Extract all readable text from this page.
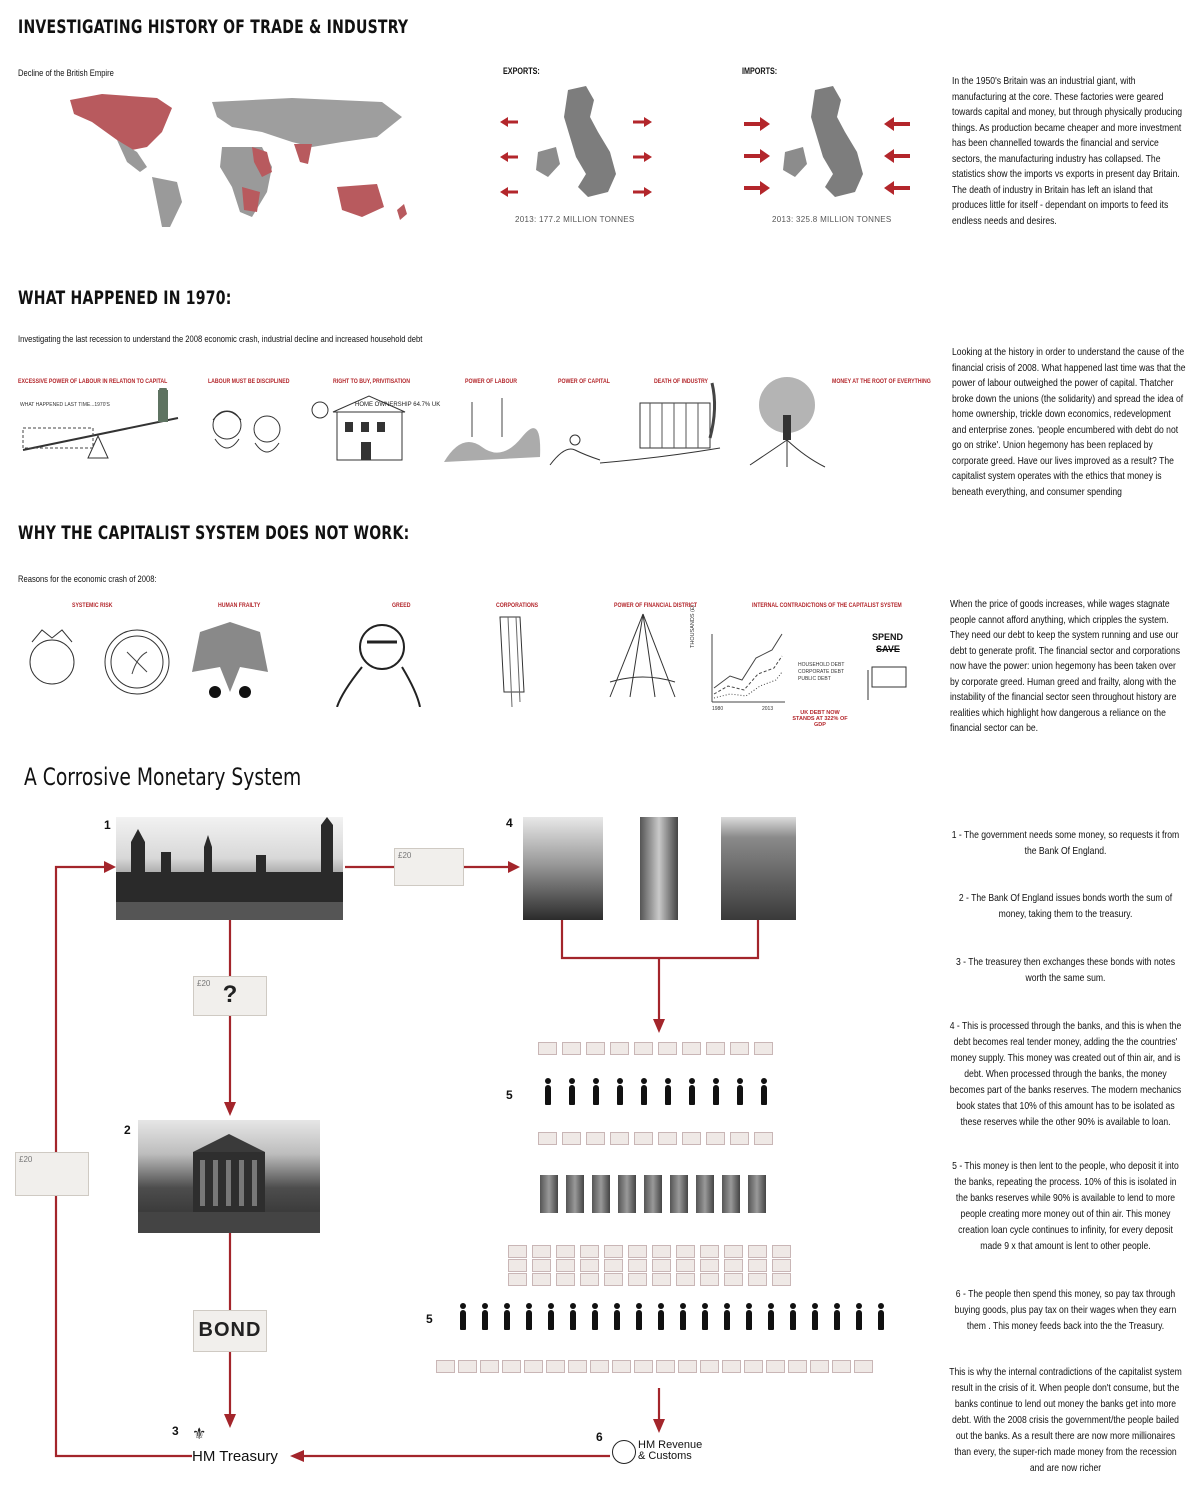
INVESTIGATING HISTORY OF TRADE & INDUSTRY
Decline of the British Empire	EXPORTS:	IMPORTS:
2013: 177.2 MILLION TONNES	2013: 325.8 MILLION TONNES
In the 1950's Britain was an industrial giant, with manufacturing at the core. These factories were geared towards capital and money, but through physically producing things. As production became cheaper and more investment has been channelled towards the financial and service sectors, the manufacturing industry has collapsed. The statistics show the imports vs exports in present day Britain. The death of industry in Britain has left an island that produces little for itself - dependant on imports to feed its endless needs and desires.
WHAT HAPPENED IN 1970:
Investigating the last recession to understand the 2008 economic crash, industrial decline and increased household debt
EXCESSIVE POWER OF LABOUR IN RELATION TO CAPITAL	LABOUR MUST BE DISCIPLINED	RIGHT TO BUY, PRIVITISATION	POWER OF LABOUR	POWER OF CAPITAL	DEATH OF INDUSTRY	MONEY AT THE ROOT OF EVERYTHING
WHAT HAPPENED LAST TIME...1970'S	HOME OWNERSHIP 64.7% UK
Looking at the history in order to understand the cause of the financial crisis of 2008. What happened last time was that the power of labour outweighed the power of capital. Thatcher broke down the unions (the solidarity) and spread the idea of home ownership, trickle down economics, redevelopment and enterprise zones. 'people encumbered with debt do not go on strike'. Union hegemony has been replaced by corporate greed. Have our lives improved as a result? The capitalist system operates with the ethics that money is beneath everything, and consumer spending
WHY THE CAPITALIST SYSTEM DOES NOT WORK:
Reasons for the economic crash of 2008:
SYSTEMIC RISK	HUMAN FRAILTY	GREED	CORPORATIONS	POWER OF FINANCIAL DISTRICT	INTERNAL CONTRADICTIONS OF THE CAPITALIST SYSTEM
THOUSANDS (£)
1980	2013
HOUSEHOLD DEBT
CORPORATE DEBT
PUBLIC DEBT
UK DEBT NOW STANDS AT 322% OF GDP
SPEND
SAVE
When the price of goods increases, while wages stagnate people cannot afford anything, which cripples the system. They need our debt to keep the system running and use our debt to generate profit. The financial sector and corporations now have the power: union hegemony has been taken over by corporate greed. Human greed and frailty, along with the instability of the financial sector seen throughout history are realities which highlight how dangerous a reliance on the financial sector can be.
A Corrosive Monetary System
1
2
3
4
5
5
6
£20
£20 ?
£20
BOND
⚜
HM Treasury
HM Revenue
& Customs
1 - The government needs some money, so requests it from the Bank Of England.
2 - The Bank Of England issues bonds worth the sum of money, taking them to the treasury.
3 - The treasurey then exchanges these bonds with notes worth the same sum.
4 - This is processed through the banks, and this is when the debt becomes real tender money, adding the the countries' money supply. This money was created out of thin air, and is debt. When processed through the banks, the money becomes part of the banks reserves. The modern mechanics book states that 10% of this amount has to be isolated as these reserves while the other 90% is available to loan.
5 - This money is then lent to the people, who deposit it into the banks, repeating the process. 10% of this is isolated in the banks reserves while 90% is available to lend to more people creating more money out of thin air. This money creation loan cycle continues to infinity, for every deposit made 9 x that amount is lent to other people.
6 - The people then spend this money, so pay tax through buying goods, plus pay tax on their wages when they earn them . This money feeds back into the the Treasury.
This is why the internal contradictions of the capitalist system result in the crisis of it. When people don't consume, but the banks continue to lend out money the banks get into more debt. With the 2008 crisis the government/the people bailed out the banks. As a result there are now more millionaires than every, the super-rich made money from the recession and are now richer
